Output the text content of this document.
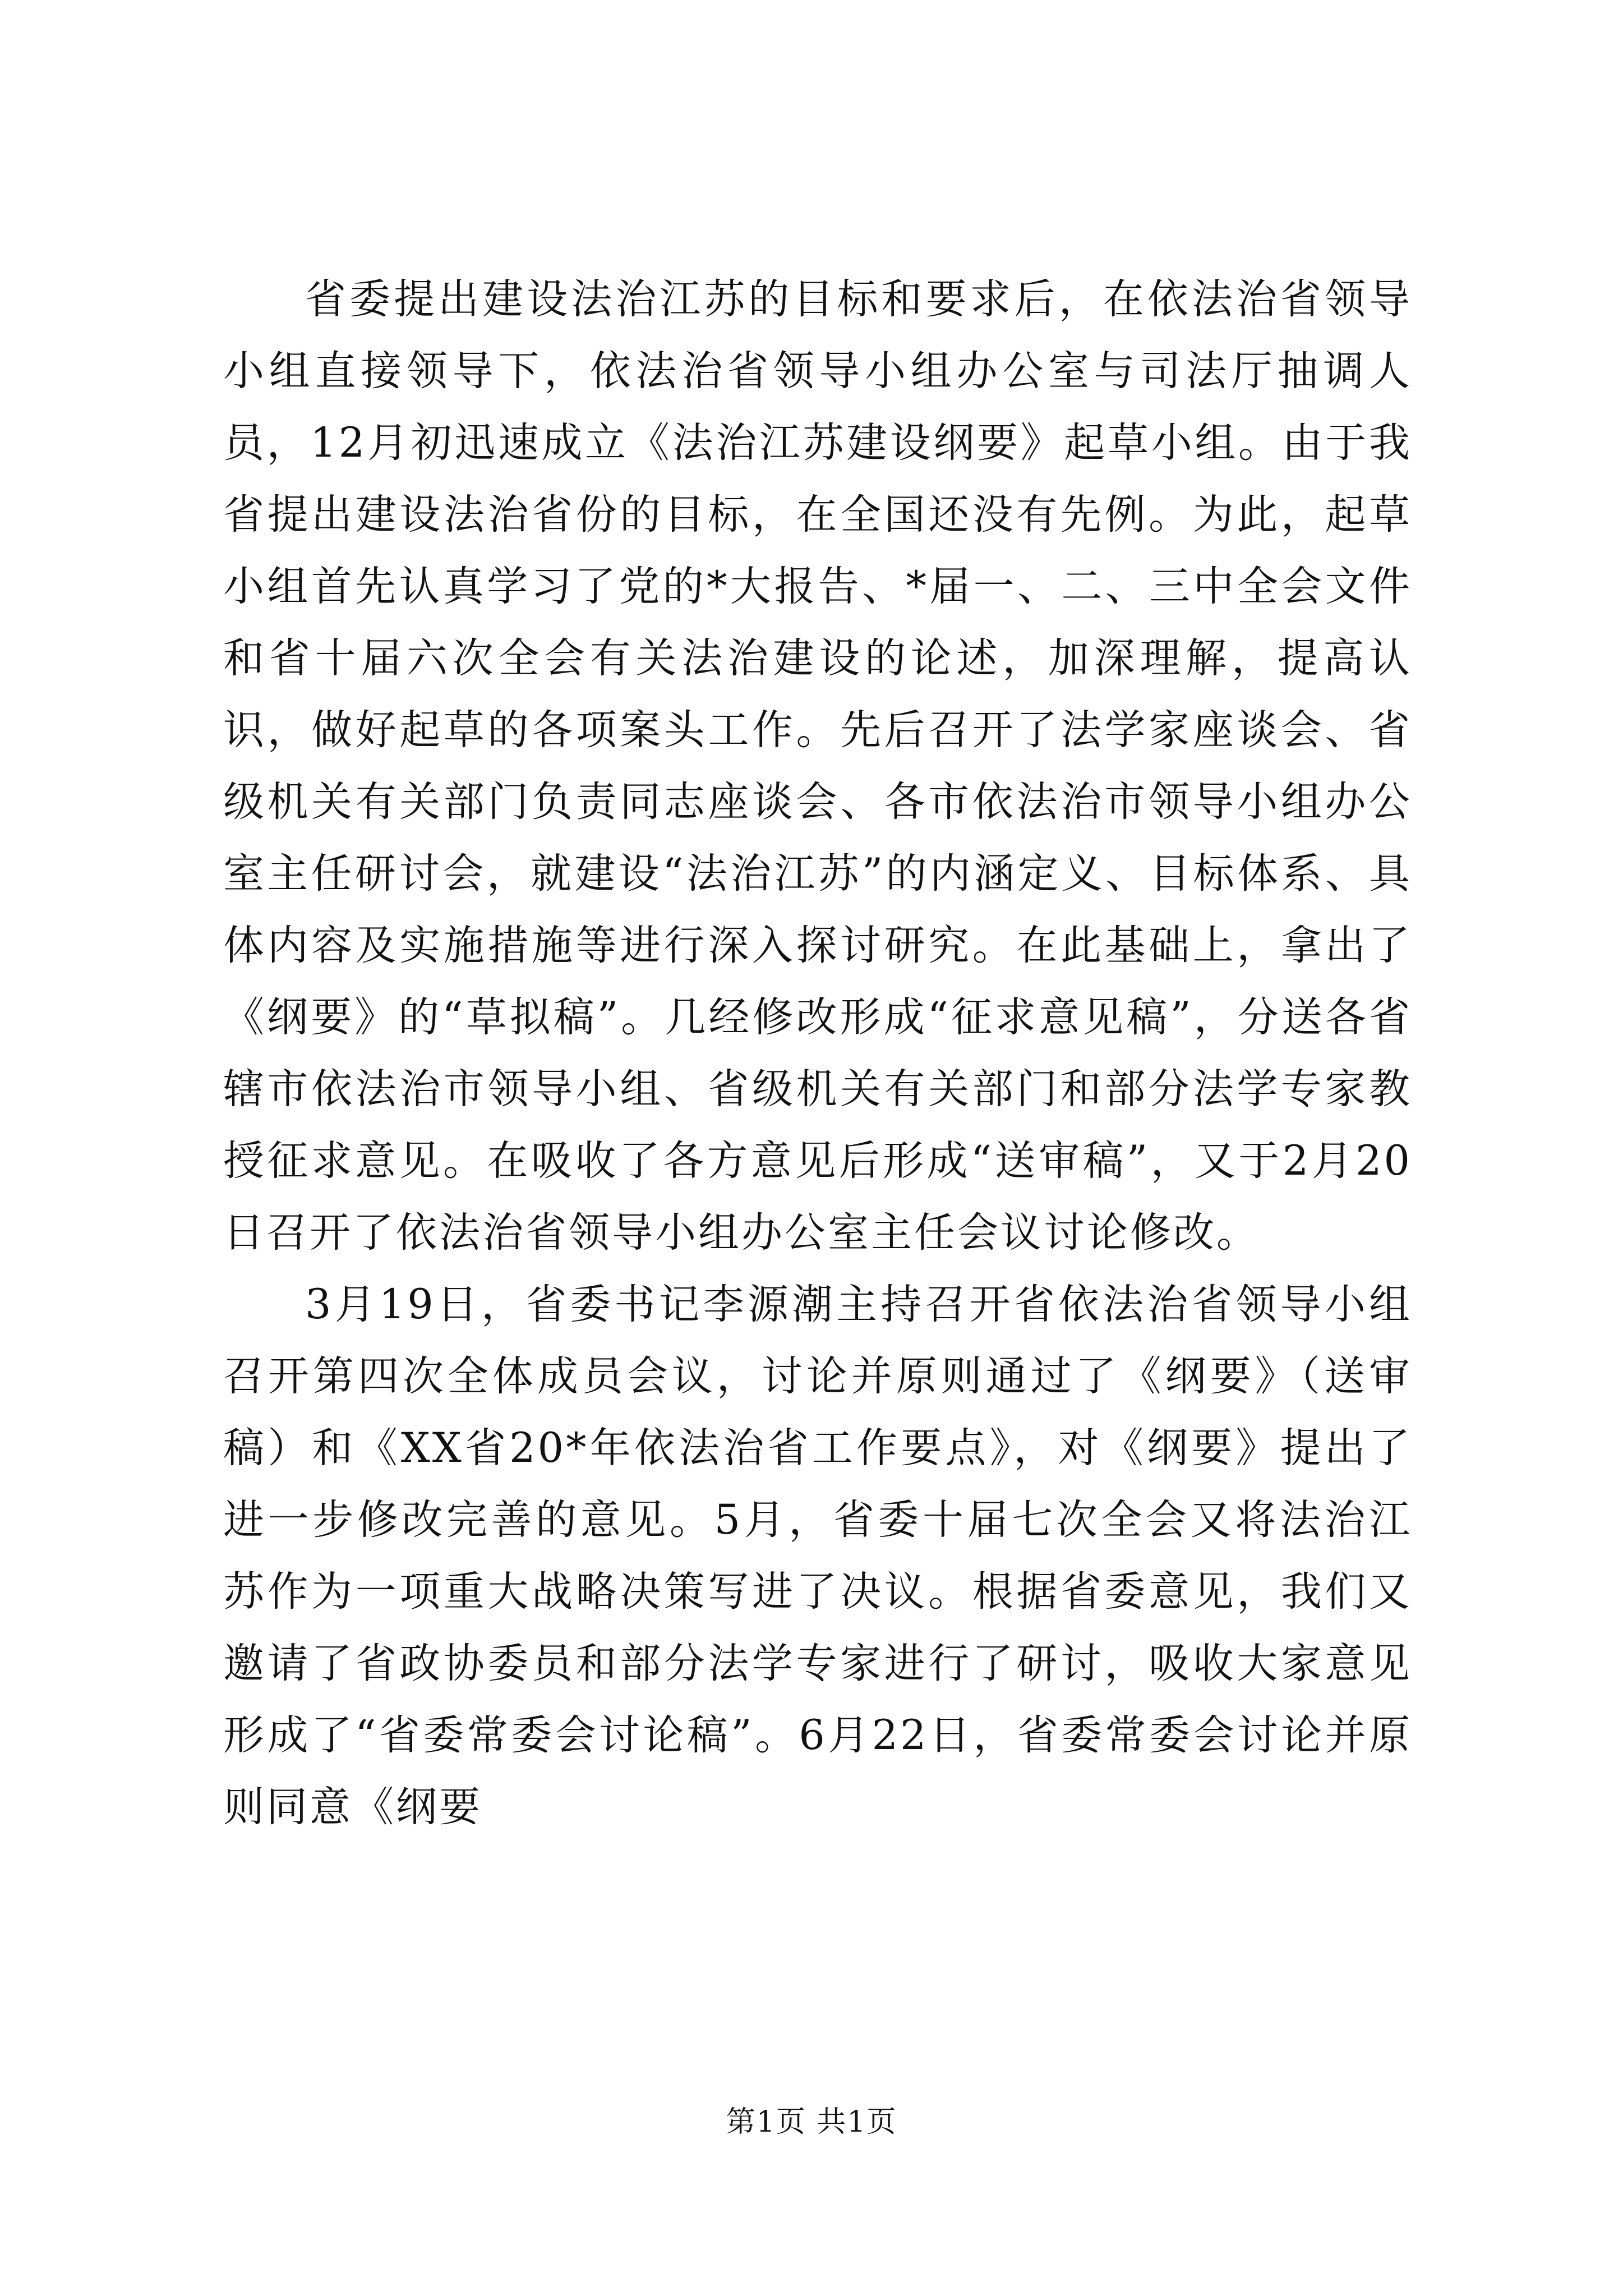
省委提出建设法治江苏的目标和要求后，在依法治省领导小组直接领导下，依法治省领导小组办公室与司法厅抽调人员，12月初迅速成立《法治江苏建设纲要》起草小组。由于我省提出建设法治省份的目标，在全国还没有先例。为此，起草小组首先认真学习了党的*大报告、*届一、二、三中全会文件和省十届六次全会有关法治建设的论述，加深理解，提高认识，做好起草的各项案头工作。先后召开了法学家座谈会、省级机关有关部门负责同志座谈会、各市依法治市领导小组办公室主任研讨会，就建设“法治江苏”的内涵定义、目标体系、具体内容及实施措施等进行深入探讨研究。在此基础上，拿出了《纲要》的“草拟稿”。几经修改形成“征求意见稿”，分送各省辖市依法治市领导小组、省级机关有关部门和部分法学专家教授征求意见。在吸收了各方意见后形成“送审稿”，又于2月20日召开了依法治省领导小组办公室主任会议讨论修改。

3月19日，省委书记李源潮主持召开省依法治省领导小组召开第四次全体成员会议，讨论并原则通过了《纲要》（送审稿）和《XX省20*年依法治省工作要点》，对《纲要》提出了进一步修改完善的意见。5月，省委十届七次全会又将法治江苏作为一项重大战略决策写进了决议。根据省委意见，我们又邀请了省政协委员和部分法学专家进行了研讨，吸收大家意见形成了“省委常委会讨论稿”。6月22日，省委常委会讨论并原则同意《纲要

第1页 共1页
